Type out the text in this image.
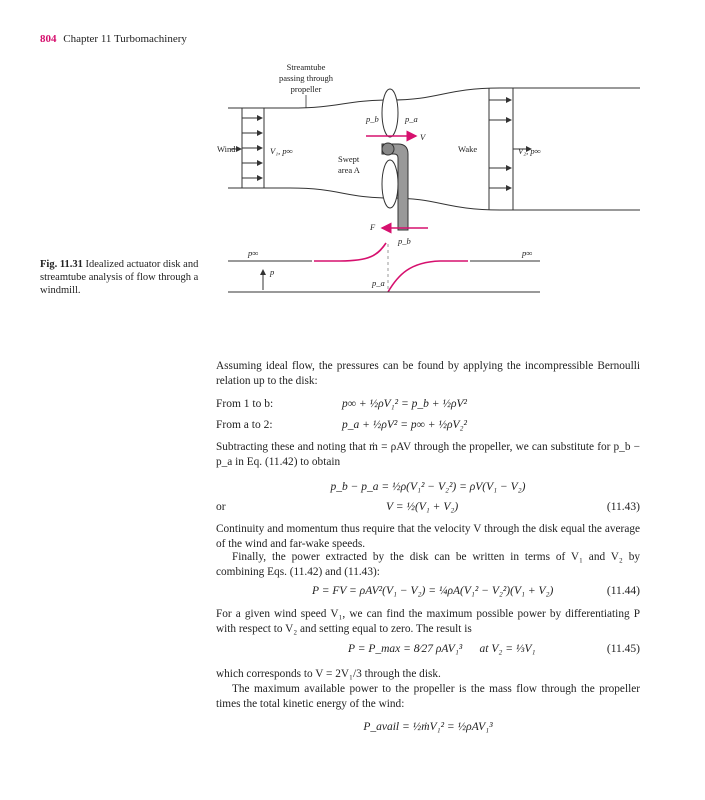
804 Chapter 11 Turbomachinery
Streamtube
passing through
propeller
Wind	V₁, p∞
p_b	p_a
V
Wake	V₂, p∞
Swept
area A
F
p∞	p∞
p_b
p_a
p
Fig. 11.31 Idealized actuator disk and streamtube analysis of flow through a windmill.
Assuming ideal flow, the pressures can be found by applying the incompressible Bernoulli relation up to the disk:
From 1 to b:	p∞ + ½ρV₁² = p_b + ½ρV²
From a to 2:	p_a + ½ρV² = p∞ + ½ρV₂²
Subtracting these and noting that ṁ = ρAV through the propeller, we can substitute for p_b − p_a in Eq. (11.42) to obtain
p_b − p_a = ½ρ(V₁² − V₂²) = ρV(V₁ − V₂)
or	V = ½(V₁ + V₂)	(11.43)
Continuity and momentum thus require that the velocity V through the disk equal the average of the wind and far-wake speeds.
Finally, the power extracted by the disk can be written in terms of V₁ and V₂ by combining Eqs. (11.42) and (11.43):
P = FV = ρAV²(V₁ − V₂) = ¼ρA(V₁² − V₂²)(V₁ + V₂)	(11.44)
For a given wind speed V₁, we can find the maximum possible power by differentiating P with respect to V₂ and setting equal to zero. The result is
P = P_max = 8⁄27 ρAV₁³      at V₂ = ⅓V₁	(11.45)
which corresponds to V = 2V₁/3 through the disk.
The maximum available power to the propeller is the mass flow through the propeller times the total kinetic energy of the wind:
P_avail = ½ṁV₁² = ½ρAV₁³
